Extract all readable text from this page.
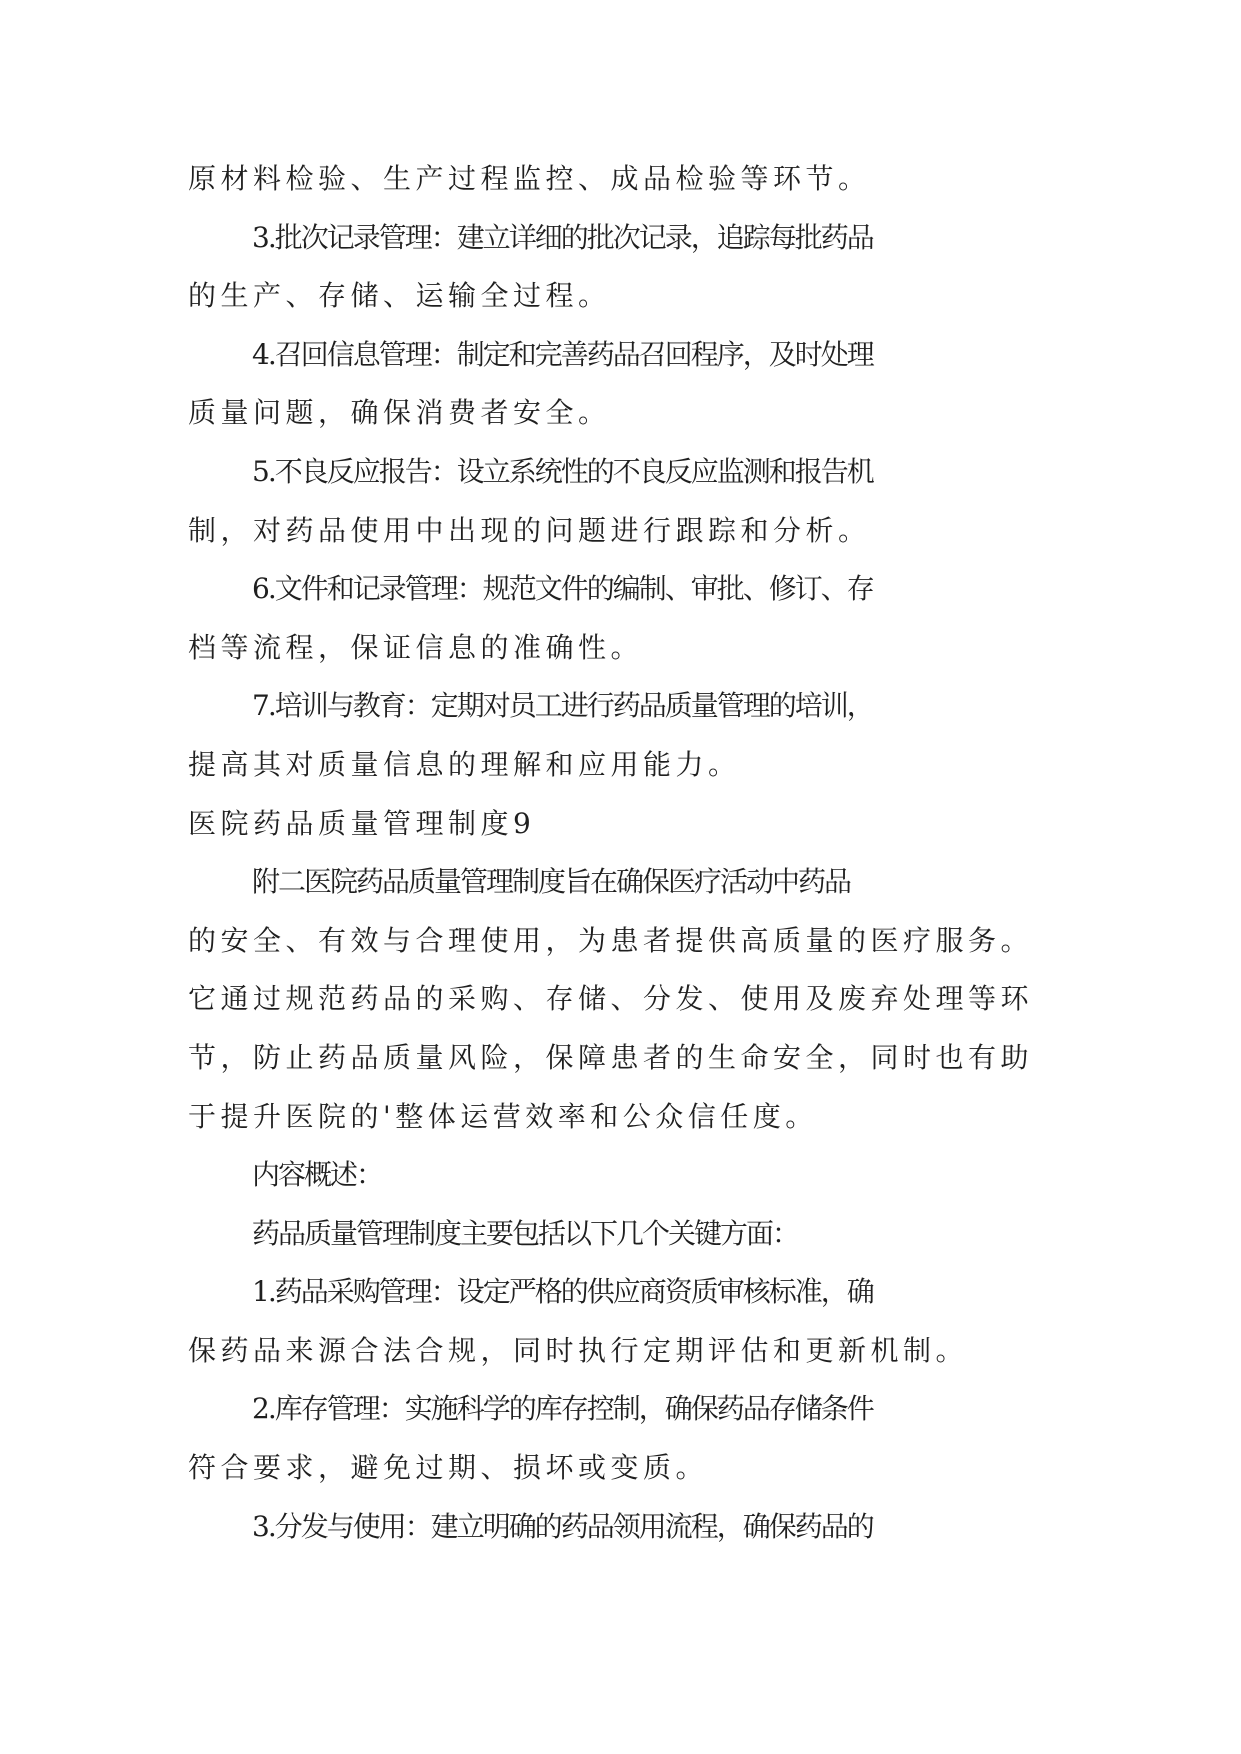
原材料检验、生产过程监控、成品检验等环节。
3.批次记录管理：建立详细的批次记录，追踪每批药品
的生产、存储、运输全过程。
4.召回信息管理：制定和完善药品召回程序，及时处理
质量问题，确保消费者安全。
5.不良反应报告：设立系统性的不良反应监测和报告机
制，对药品使用中出现的问题进行跟踪和分析。
6.文件和记录管理：规范文件的编制、审批、修订、存
档等流程，保证信息的准确性。
7.培训与教育：定期对员工进行药品质量管理的培训，
提高其对质量信息的理解和应用能力。
医院药品质量管理制度9
附二医院药品质量管理制度旨在确保医疗活动中药品
的安全、有效与合理使用，为患者提供高质量的医疗服务。
它通过规范药品的采购、存储、分发、使用及废弃处理等环
节，防止药品质量风险，保障患者的生命安全，同时也有助
于提升医院的'整体运营效率和公众信任度。
内容概述：
药品质量管理制度主要包括以下几个关键方面：
1.药品采购管理：设定严格的供应商资质审核标准，确
保药品来源合法合规，同时执行定期评估和更新机制。
2.库存管理：实施科学的库存控制，确保药品存储条件
符合要求，避免过期、损坏或变质。
3.分发与使用：建立明确的药品领用流程，确保药品的
